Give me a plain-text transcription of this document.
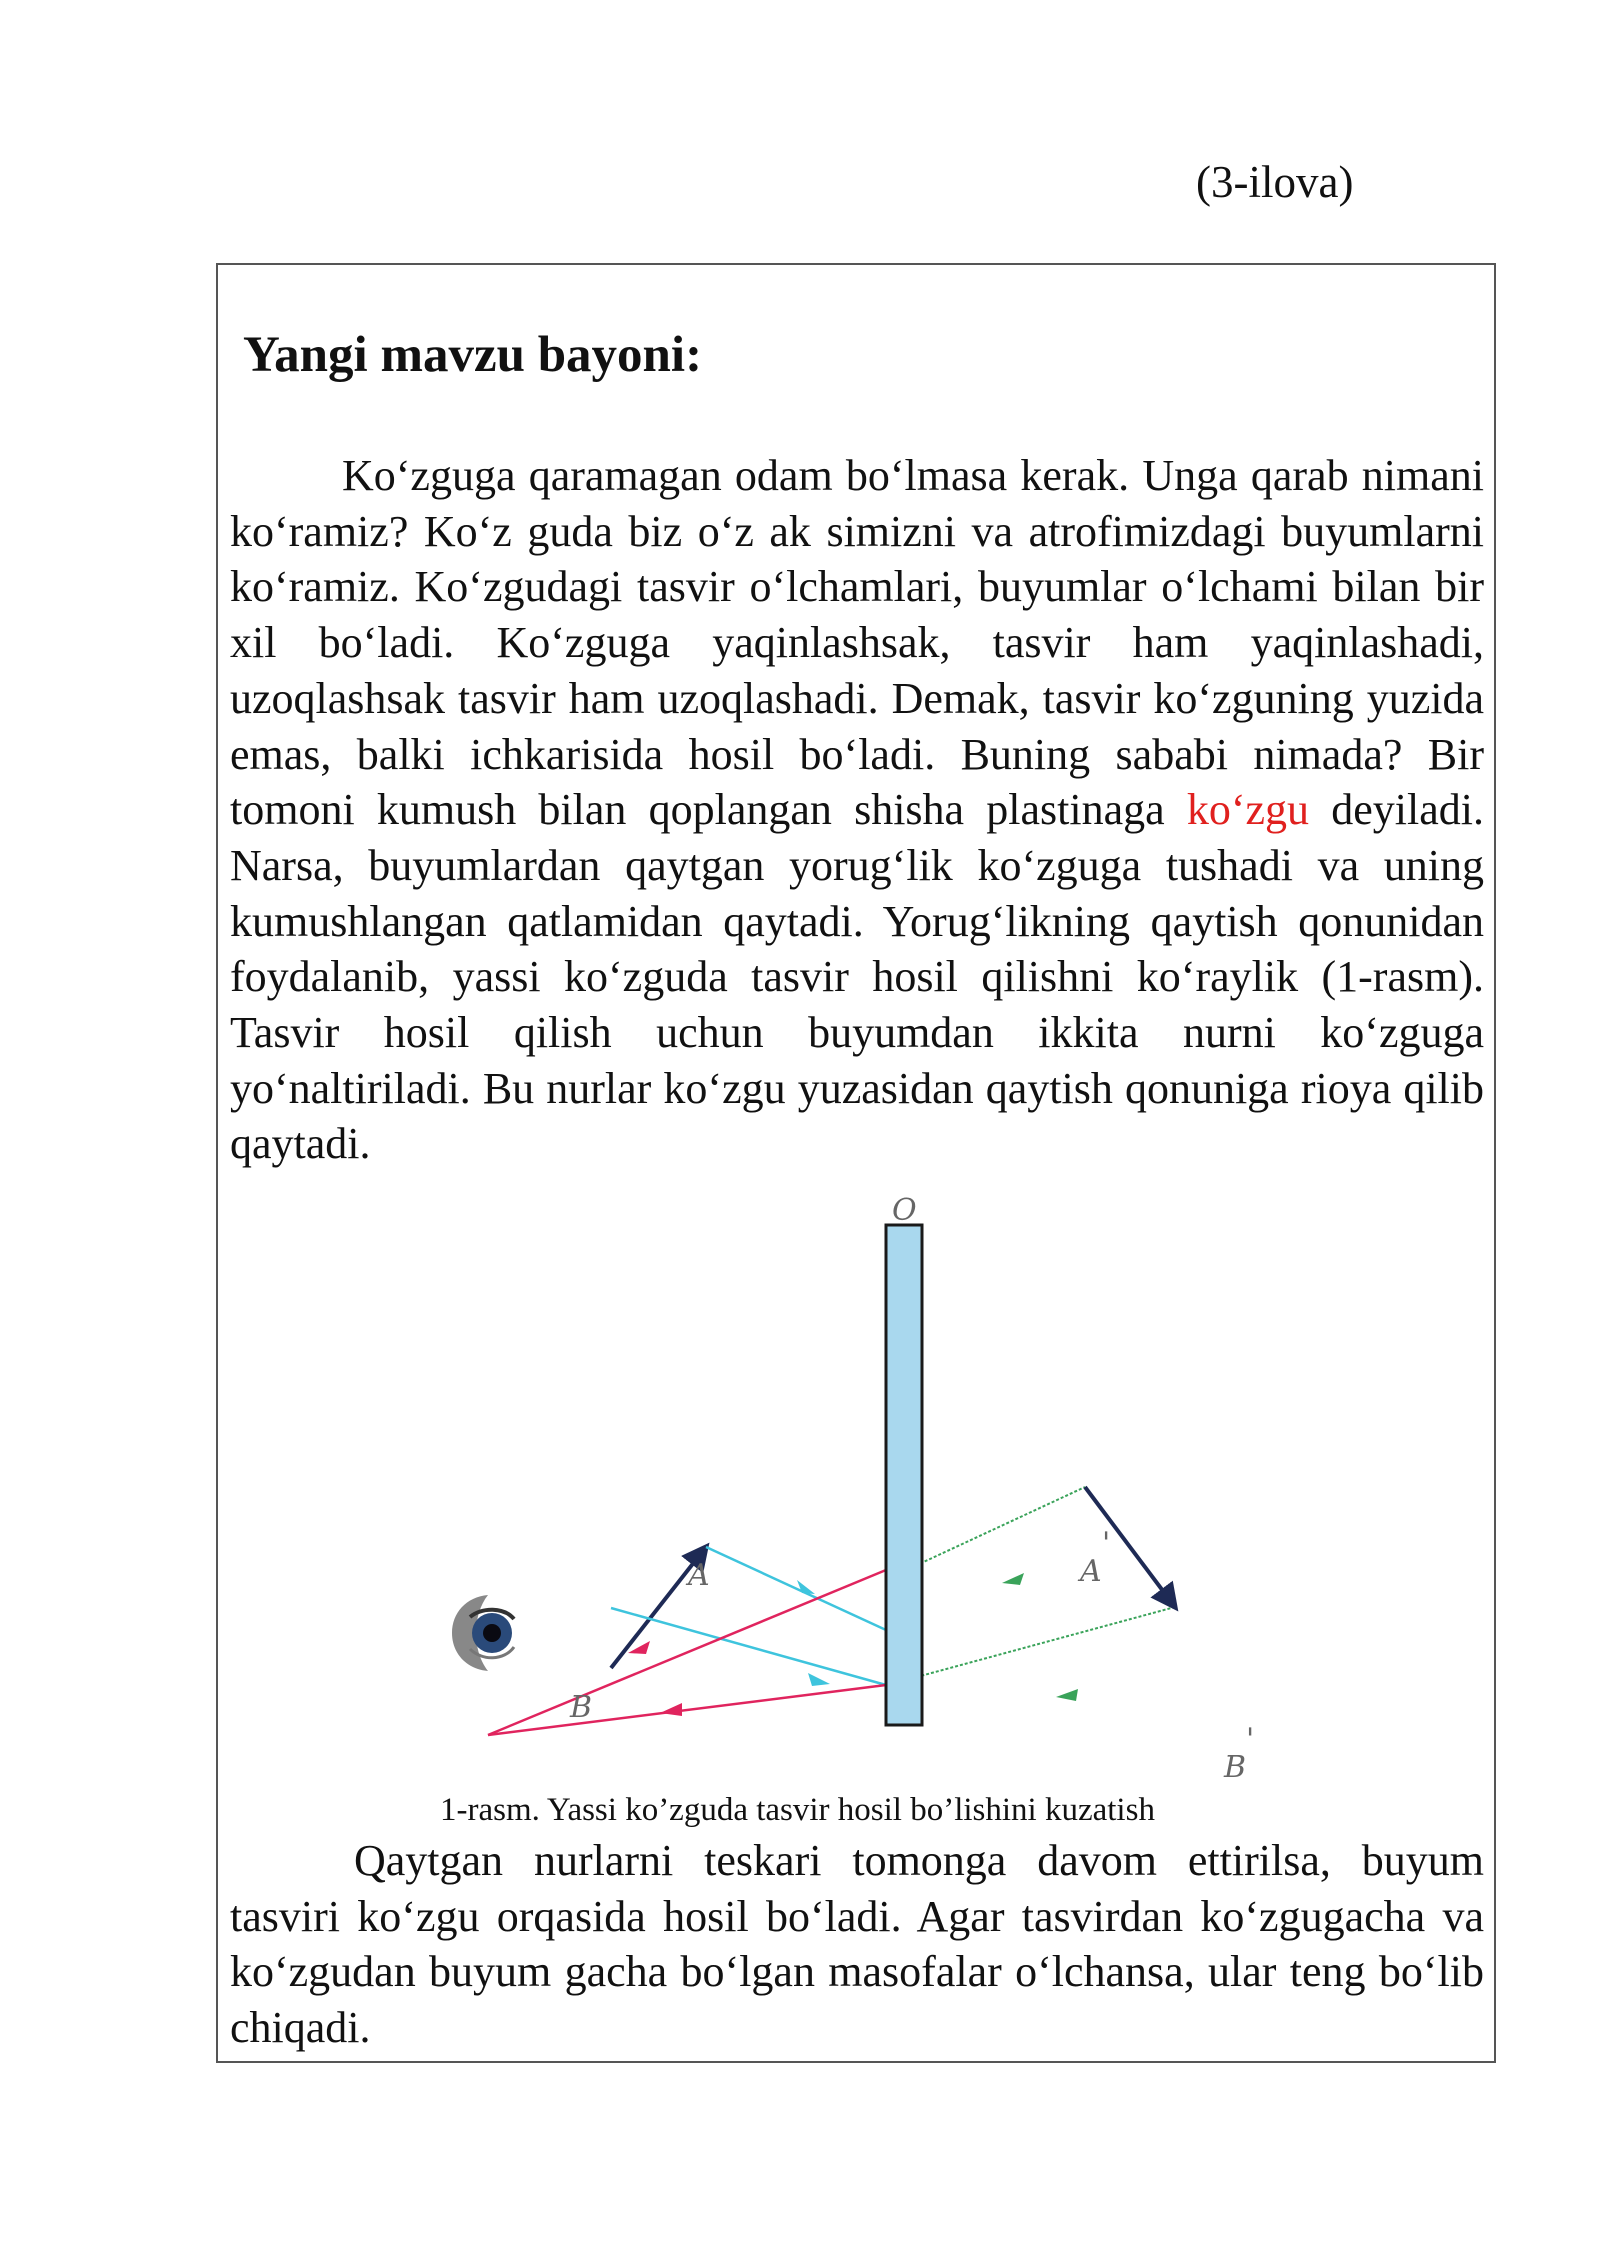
(3-ilova)
Yangi mavzu bayoni:

Ko‘zguga qaramagan odam bo‘lmasa kerak. Unga qarab nimani ko‘ramiz? Ko‘z guda biz o‘z ak simizni va atrofimizdagi buyumlarni ko‘ramiz. Ko‘zgudagi tasvir o‘lchamlari, buyumlar o‘lchami bilan bir xil bo‘ladi. Ko‘zguga yaqinlashsak, tasvir ham yaqinlashadi, uzoqlashsak tasvir ham uzoqlashadi. Demak, tasvir ko‘zguning yuzida emas, balki ichkarisida hosil bo‘ladi. Buning sababi nimada? Bir tomoni kumush bilan qoplangan shisha plastinaga ko‘zgu deyiladi. Narsa, buyumlardan qaytgan yorug‘lik ko‘zguga tushadi va uning kumushlangan qatlamidan qaytadi. Yorug‘likning qaytish qonunidan foydalanib, yassi ko‘zguda tasvir hosil qilishni ko‘raylik (1-rasm). Tasvir hosil qilish uchun buyumdan ikkita nurni ko‘zguga yo‘naltiriladi. Bu nurlar ko‘zgu yuzasidan qaytish qonuniga rioya qilib qaytadi.

O
A
B
A
'
B
'

1-rasm. Yassi ko’zguda tasvir hosil bo’lishini kuzatish

Qaytgan nurlarni teskari tomonga davom ettirilsa, buyum tasviri ko‘zgu orqasida hosil bo‘ladi. Agar tasvirdan ko‘zgugacha va ko‘zgudan buyum gacha bo‘lgan masofalar o‘lchansa, ular teng bo‘lib chiqadi.
